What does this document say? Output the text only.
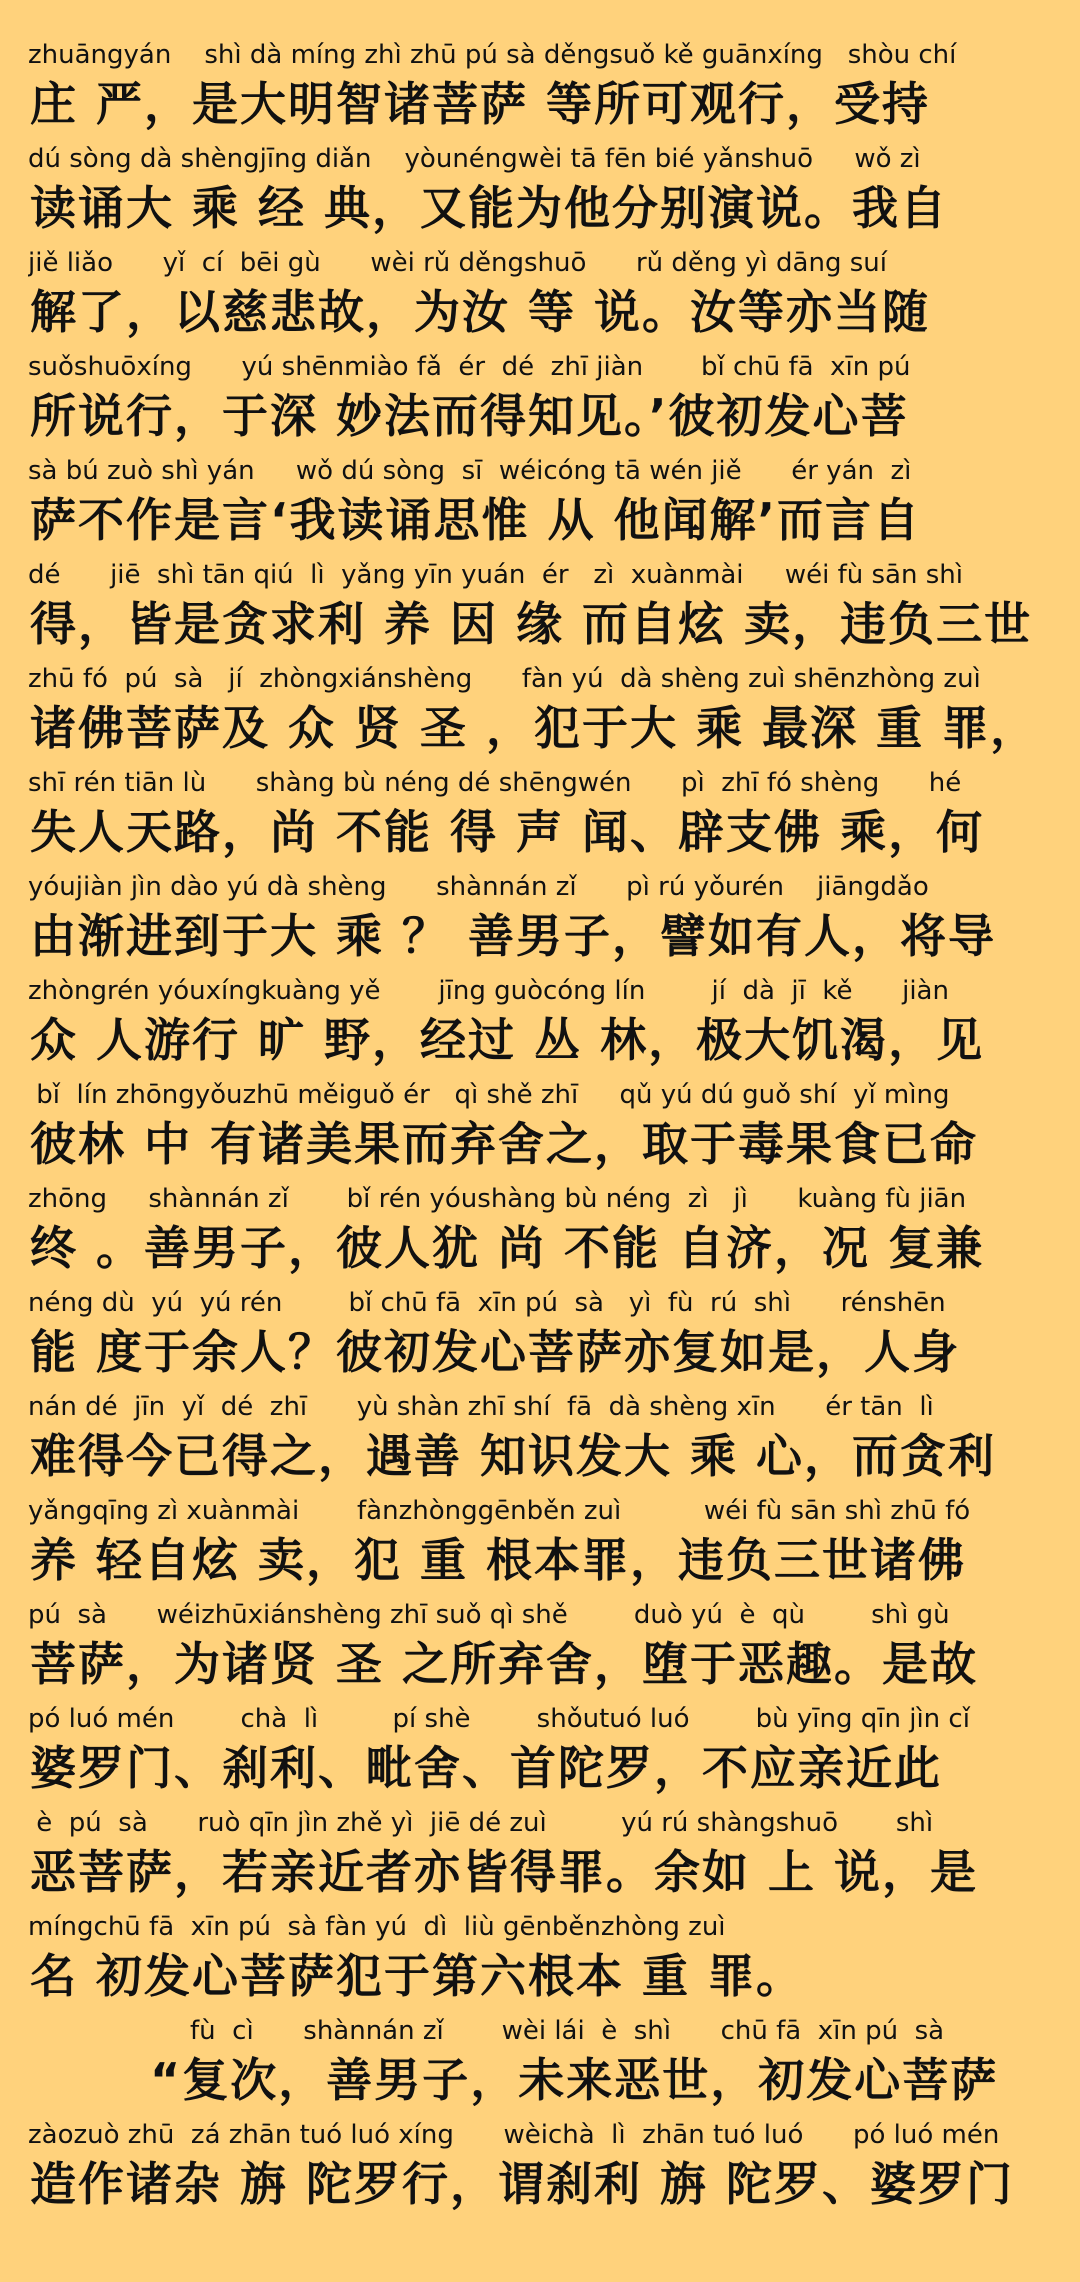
zhuāngyán    shì dà míng zhì zhū pú sà děngsuǒ kě guānxíng   shòu chí
庄 严，是大明智诸菩萨 等所可观行，受持
dú sòng dà shèngjīng diǎn    yòunéngwèi tā fēn bié yǎnshuō     wǒ zì
读诵大 乘 经 典，又能为他分别演说。我自
jiě liǎo      yǐ  cí  bēi gù      wèi rǔ děngshuō      rǔ děng yì dāng suí
解了，以慈悲故，为汝 等 说。汝等亦当随
suǒshuōxíng      yú shēnmiào fǎ  ér  dé  zhī jiàn       bǐ chū fā  xīn pú
所说行，于深 妙法而得知见。’彼初发心菩
sà bú zuò shì yán     wǒ dú sòng  sī  wéicóng tā wén jiě      ér yán  zì
萨不作是言‘我读诵思惟 从 他闻解’而言自
dé      jiē  shì tān qiú  lì  yǎng yīn yuán  ér   zì  xuànmài     wéi fù sān shì
得，皆是贪求利 养 因 缘 而自炫 卖，违负三世
zhū fó  pú  sà   jí  zhòngxiánshèng      fàn yú  dà shèng zuì shēnzhòng zuì
诸佛菩萨及 众 贤 圣 ，犯于大 乘 最深 重 罪，
shī rén tiān lù      shàng bù néng dé shēngwén      pì  zhī fó shèng      hé
失人天路，尚 不能 得 声 闻、辟支佛 乘，何
yóujiàn jìn dào yú dà shèng      shànnán zǐ      pì rú yǒurén    jiāngdǎo
由渐进到于大 乘 ？ 善男子，譬如有人，将导
zhòngrén yóuxíngkuàng yě       jīng guòcóng lín        jí  dà  jī  kě      jiàn
众 人游行 旷 野，经过 丛 林，极大饥渴，见
bǐ  lín zhōngyǒuzhū měiguǒ ér   qì shě zhī     qǔ yú dú guǒ shí  yǐ mìng
彼林 中 有诸美果而弃舍之，取于毒果食已命
zhōng     shànnán zǐ       bǐ rén yóushàng bù néng  zì   jì      kuàng fù jiān
终 。善男子，彼人犹 尚 不能 自济，况 复兼
néng dù  yú  yú rén        bǐ chū fā  xīn pú  sà   yì  fù  rú  shì      rénshēn
能 度于余人？彼初发心菩萨亦复如是，人身
nán dé  jīn  yǐ  dé  zhī      yù shàn zhī shí  fā  dà shèng xīn      ér tān  lì
难得今已得之，遇善 知识发大 乘 心，而贪利
yǎngqīng zì xuànmài       fànzhònggēnběn zuì          wéi fù sān shì zhū fó
养 轻自炫 卖，犯 重 根本罪，违负三世诸佛
pú  sà      wéizhūxiánshèng zhī suǒ qì shě        duò yú  è  qù        shì gù
菩萨，为诸贤 圣 之所弃舍，堕于恶趣。是故
pó luó mén        chà  lì         pí shè        shǒutuó luó        bù yīng qīn jìn cǐ
婆罗门、刹利、毗舍、首陀罗，不应亲近此
è  pú  sà      ruò qīn jìn zhě yì  jiē dé zuì         yú rú shàngshuō       shì
恶菩萨，若亲近者亦皆得罪。余如 上 说，是
míngchū fā  xīn pú  sà fàn yú  dì  liù gēnběnzhòng zuì
名 初发心菩萨犯于第六根本 重 罪。
fù  cì      shànnán zǐ       wèi lái  è  shì      chū fā  xīn pú  sà
“复次，善男子，未来恶世，初发心菩萨
zàozuò zhū  zá zhān tuó luó xíng      wèichà  lì  zhān tuó luó      pó luó mén
造作诸杂 旃 陀罗行，谓刹利 旃 陀罗、婆罗门
